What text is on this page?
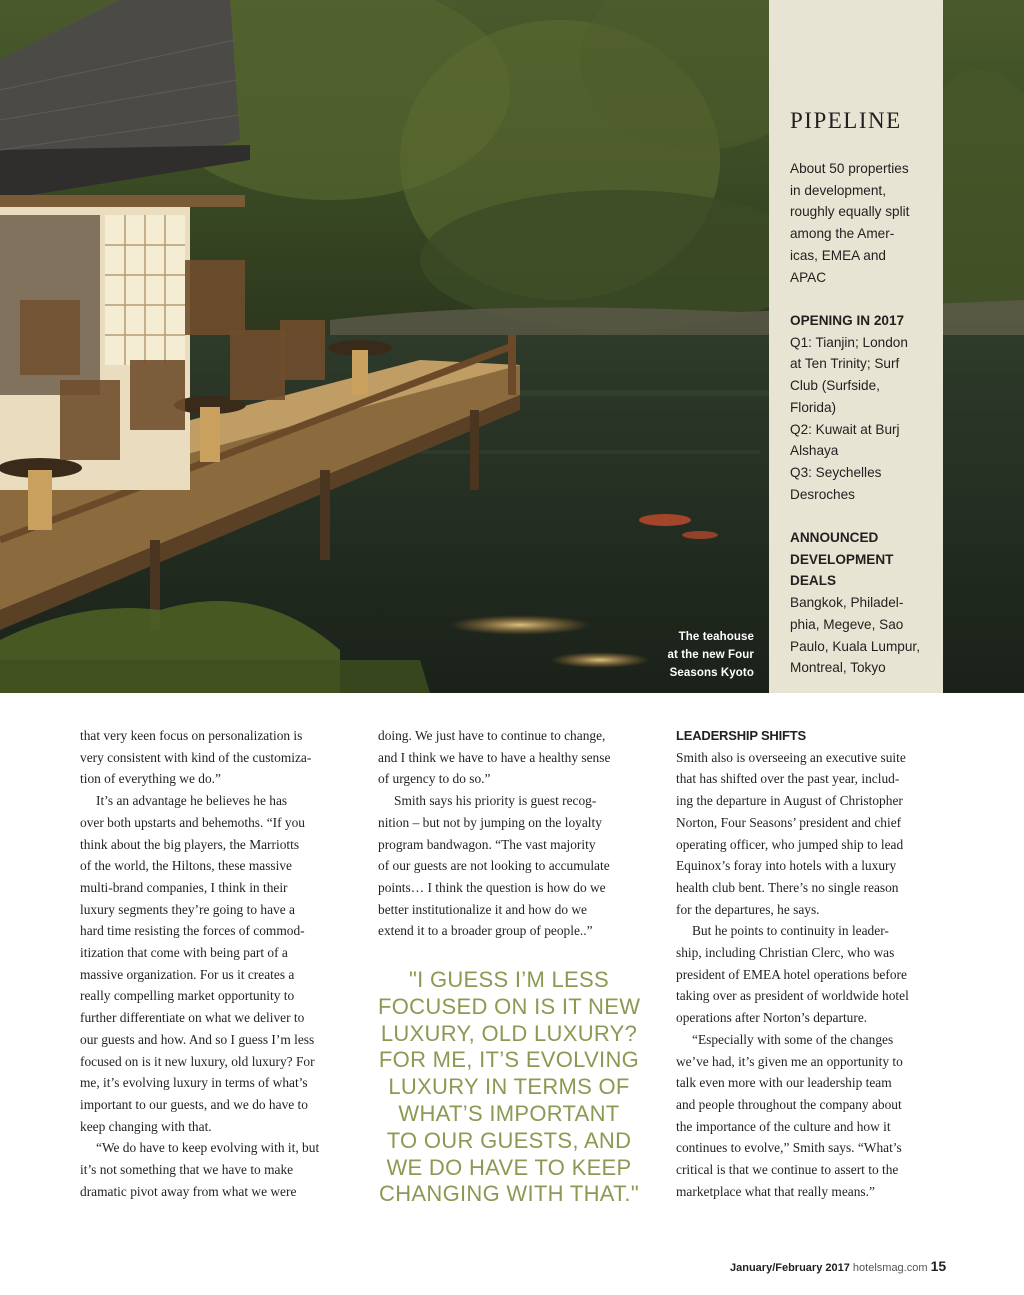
The teahouse
at the new Four
Seasons Kyoto
PIPELINE
About 50 properties
in development,
roughly equally split
among the Amer-
icas, EMEA and
APAC
OPENING IN 2017
Q1: Tianjin; London
at Ten Trinity; Surf
Club (Surfside,
Florida)
Q2: Kuwait at Burj
Alshaya
Q3: Seychelles
Desroches
ANNOUNCED
DEVELOPMENT
DEALS
Bangkok, Philadel-
phia, Megeve, Sao
Paulo, Kuala Lumpur,
Montreal, Tokyo
that very keen focus on personalization is
very consistent with kind of the customiza-
tion of everything we do.”
It’s an advantage he believes he has
over both upstarts and behemoths. “If you
think about the big players, the Marriotts
of the world, the Hiltons, these massive
multi-brand companies, I think in their
luxury segments they’re going to have a
hard time resisting the forces of commod-
itization that come with being part of a
massive organization. For us it creates a
really compelling market opportunity to
further differentiate on what we deliver to
our guests and how. And so I guess I’m less
focused on is it new luxury, old luxury? For
me, it’s evolving luxury in terms of what’s
important to our guests, and we do have to
keep changing with that.
“We do have to keep evolving with it, but
it’s not something that we have to make
dramatic pivot away from what we were
doing. We just have to continue to change,
and I think we have to have a healthy sense
of urgency to do so.”
Smith says his priority is guest recog-
nition – but not by jumping on the loyalty
program bandwagon. “The vast majority
of our guests are not looking to accumulate
points… I think the question is how do we
better institutionalize it and how do we
extend it to a broader group of people..”
"I GUESS I’M LESS
FOCUSED ON IS IT NEW
LUXURY, OLD LUXURY?
FOR ME, IT’S EVOLVING
LUXURY IN TERMS OF
WHAT’S IMPORTANT
TO OUR GUESTS, AND
WE DO HAVE TO KEEP
CHANGING WITH THAT."
LEADERSHIP SHIFTS
Smith also is overseeing an executive suite
that has shifted over the past year, includ-
ing the departure in August of Christopher
Norton, Four Seasons’ president and chief
operating officer, who jumped ship to lead
Equinox’s foray into hotels with a luxury
health club bent. There’s no single reason
for the departures, he says.
But he points to continuity in leader-
ship, including Christian Clerc, who was
president of EMEA hotel operations before
taking over as president of worldwide hotel
operations after Norton’s departure.
“Especially with some of the changes
we’ve had, it’s given me an opportunity to
talk even more with our leadership team
and people throughout the company about
the importance of the culture and how it
continues to evolve,” Smith says. “What’s
critical is that we continue to assert to the
marketplace what that really means.”
January/February 2017 hotelsmag.com 15
